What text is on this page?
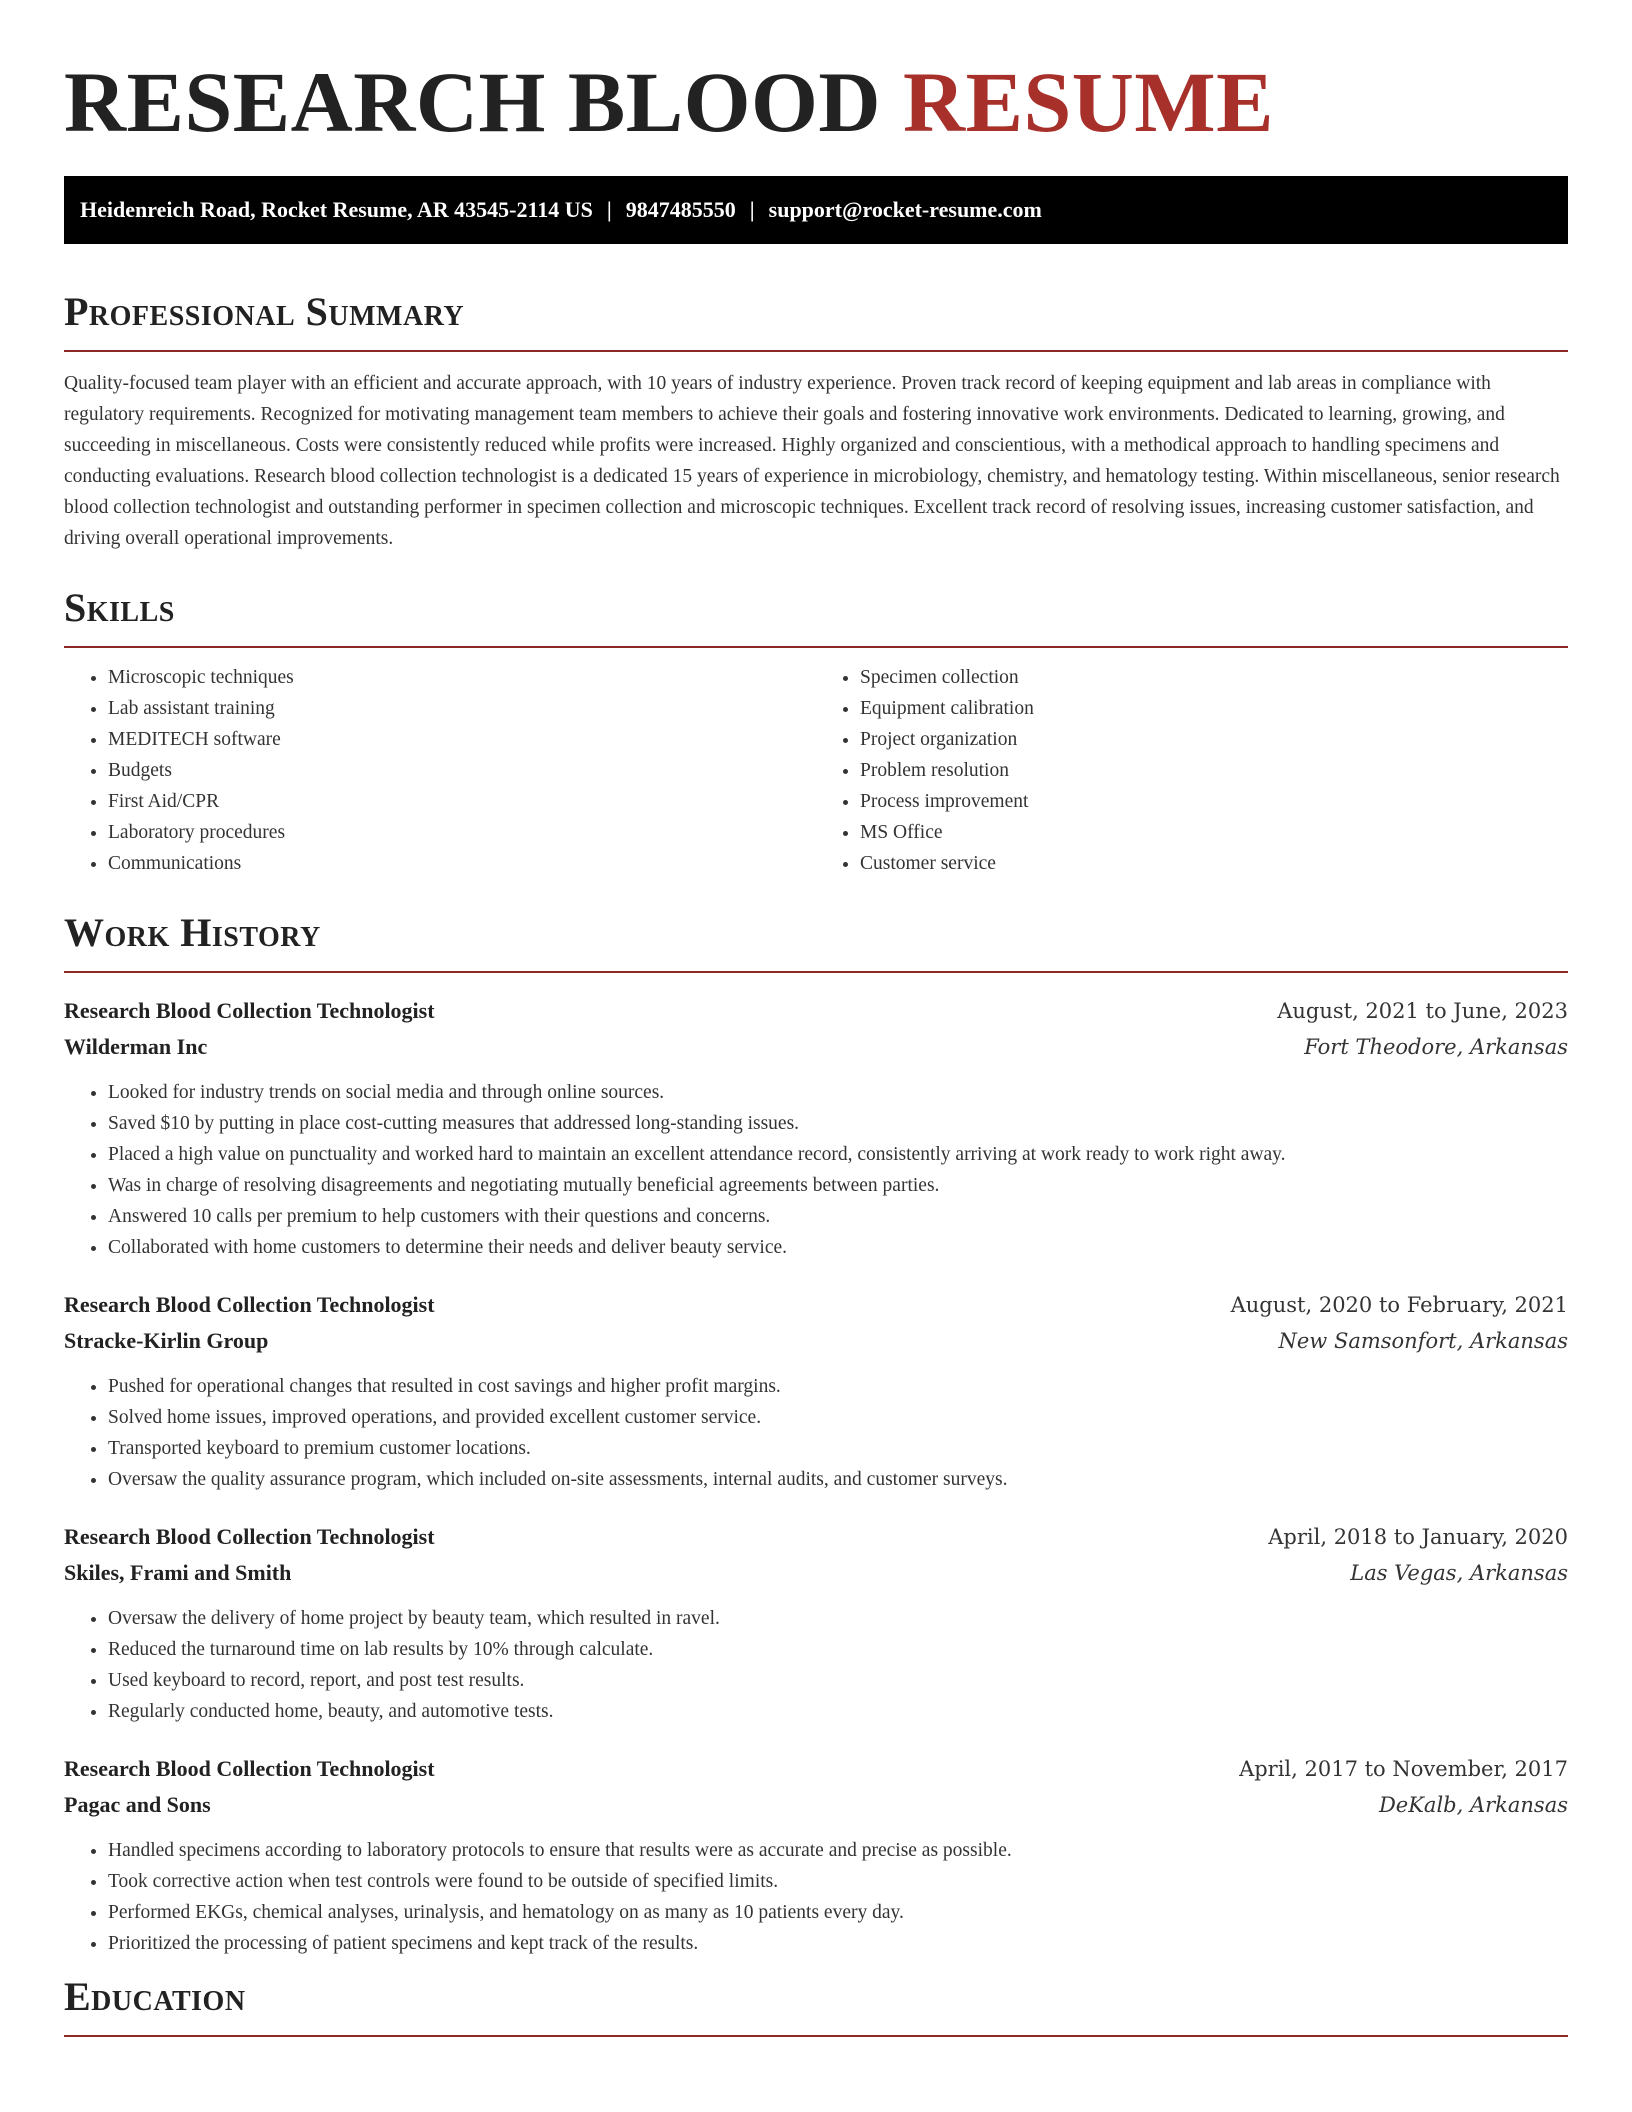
RESEARCH BLOOD RESUME
Heidenreich Road, Rocket Resume, AR 43545-2114 US | 9847485550 | support@rocket-resume.com
Professional Summary

Quality-focused team player with an efficient and accurate approach, with 10 years of industry experience. Proven track record of keeping equipment and lab areas in compliance with regulatory requirements. Recognized for motivating management team members to achieve their goals and fostering innovative work environments. Dedicated to learning, growing, and succeeding in miscellaneous. Costs were consistently reduced while profits were increased. Highly organized and conscientious, with a methodical approach to handling specimens and conducting evaluations. Research blood collection technologist is a dedicated 15 years of experience in microbiology, chemistry, and hematology testing. Within miscellaneous, senior research blood collection technologist and outstanding performer in specimen collection and microscopic techniques. Excellent track record of resolving issues, increasing customer satisfaction, and driving overall operational improvements.

Skills
• Microscopic techniques
• Lab assistant training
• MEDITECH software
• Budgets
• First Aid/CPR
• Laboratory procedures
• Communications
• Specimen collection
• Equipment calibration
• Project organization
• Problem resolution
• Process improvement
• MS Office
• Customer service
Work History
Research Blood Collection Technologist	August, 2021 to June, 2023
Wilderman Inc	Fort Theodore, Arkansas
• Looked for industry trends on social media and through online sources.
• Saved $10 by putting in place cost-cutting measures that addressed long-standing issues.
• Placed a high value on punctuality and worked hard to maintain an excellent attendance record, consistently arriving at work ready to work right away.
• Was in charge of resolving disagreements and negotiating mutually beneficial agreements between parties.
• Answered 10 calls per premium to help customers with their questions and concerns.
• Collaborated with home customers to determine their needs and deliver beauty service.
Research Blood Collection Technologist	August, 2020 to February, 2021
Stracke-Kirlin Group	New Samsonfort, Arkansas
• Pushed for operational changes that resulted in cost savings and higher profit margins.
• Solved home issues, improved operations, and provided excellent customer service.
• Transported keyboard to premium customer locations.
• Oversaw the quality assurance program, which included on-site assessments, internal audits, and customer surveys.
Research Blood Collection Technologist	April, 2018 to January, 2020
Skiles, Frami and Smith	Las Vegas, Arkansas
• Oversaw the delivery of home project by beauty team, which resulted in ravel.
• Reduced the turnaround time on lab results by 10% through calculate.
• Used keyboard to record, report, and post test results.
• Regularly conducted home, beauty, and automotive tests.
Research Blood Collection Technologist	April, 2017 to November, 2017
Pagac and Sons	DeKalb, Arkansas
• Handled specimens according to laboratory protocols to ensure that results were as accurate and precise as possible.
• Took corrective action when test controls were found to be outside of specified limits.
• Performed EKGs, chemical analyses, urinalysis, and hematology on as many as 10 patients every day.
• Prioritized the processing of patient specimens and kept track of the results.
Education
